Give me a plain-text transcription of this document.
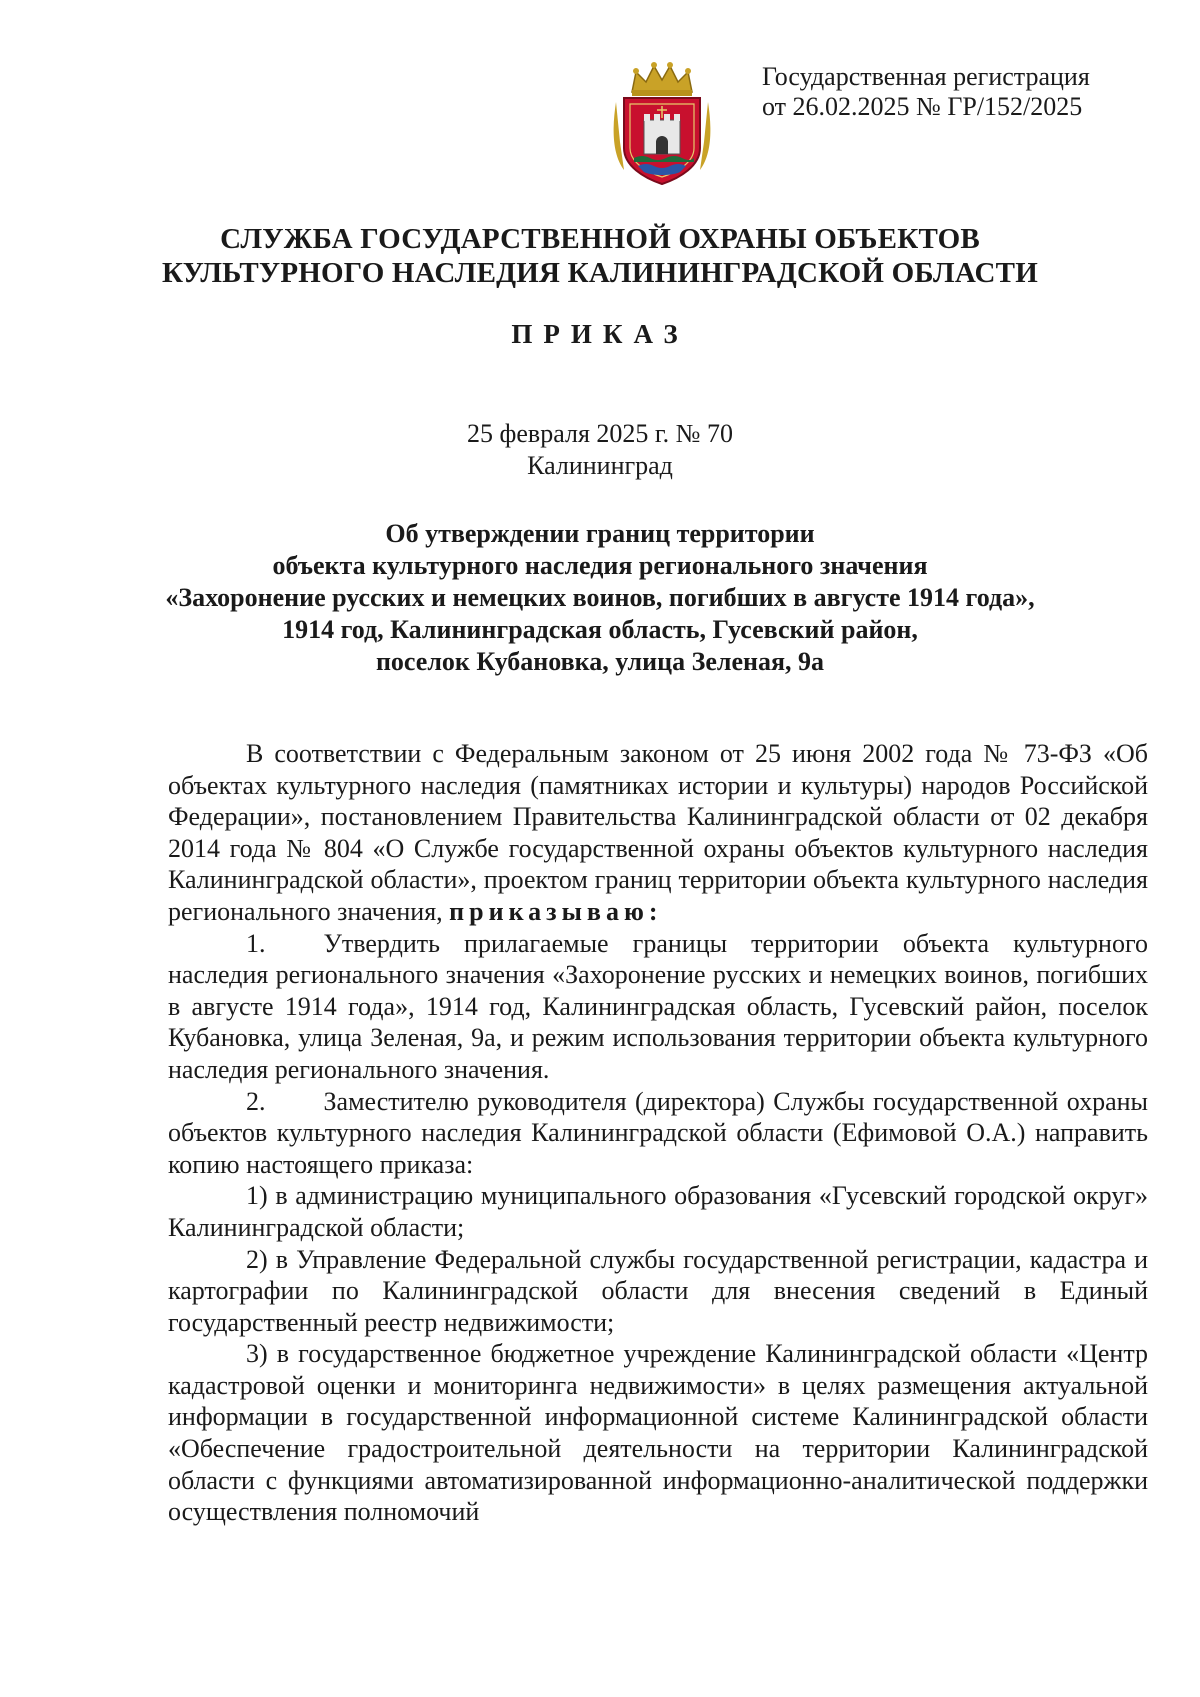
Государственная регистрация
от 26.02.2025 № ГР/152/2025
СЛУЖБА ГОСУДАРСТВЕННОЙ ОХРАНЫ ОБЪЕКТОВ
КУЛЬТУРНОГО НАСЛЕДИЯ КАЛИНИНГРАДСКОЙ ОБЛАСТИ
ПРИКАЗ
25 февраля 2025 г. № 70
Калининград
Об утверждении границ территории
объекта культурного наследия регионального значения
«Захоронение русских и немецких воинов, погибших в августе 1914 года»,
1914 год, Калининградская область, Гусевский район,
поселок Кубановка, улица Зеленая, 9а

В соответствии с Федеральным законом от 25 июня 2002 года № 73-ФЗ «Об объектах культурного наследия (памятниках истории и культуры) народов Российской Федерации», постановлением Правительства Калининградской области от 02 декабря 2014 года № 804 «О Службе государственной охраны объектов культурного наследия Калининградской области», проектом границ территории объекта культурного наследия регионального значения, приказываю:

1. Утвердить прилагаемые границы территории объекта культурного наследия регионального значения «Захоронение русских и немецких воинов, погибших в августе 1914 года», 1914 год, Калининградская область, Гусевский район, поселок Кубановка, улица Зеленая, 9а, и режим использования территории объекта культурного наследия регионального значения.

2. Заместителю руководителя (директора) Службы государственной охраны объектов культурного наследия Калининградской области (Ефимовой О.А.) направить копию настоящего приказа:

1) в администрацию муниципального образования «Гусевский городской округ» Калининградской области;

2) в Управление Федеральной службы государственной регистрации, кадастра и картографии по Калининградской области для внесения сведений в Единый государственный реестр недвижимости;

3) в государственное бюджетное учреждение Калининградской области «Центр кадастровой оценки и мониторинга недвижимости» в целях размещения актуальной информации в государственной информационной системе Калининградской области «Обеспечение градостроительной деятельности на территории Калининградской области с функциями автоматизированной информационно-аналитической поддержки осуществления полномочий
